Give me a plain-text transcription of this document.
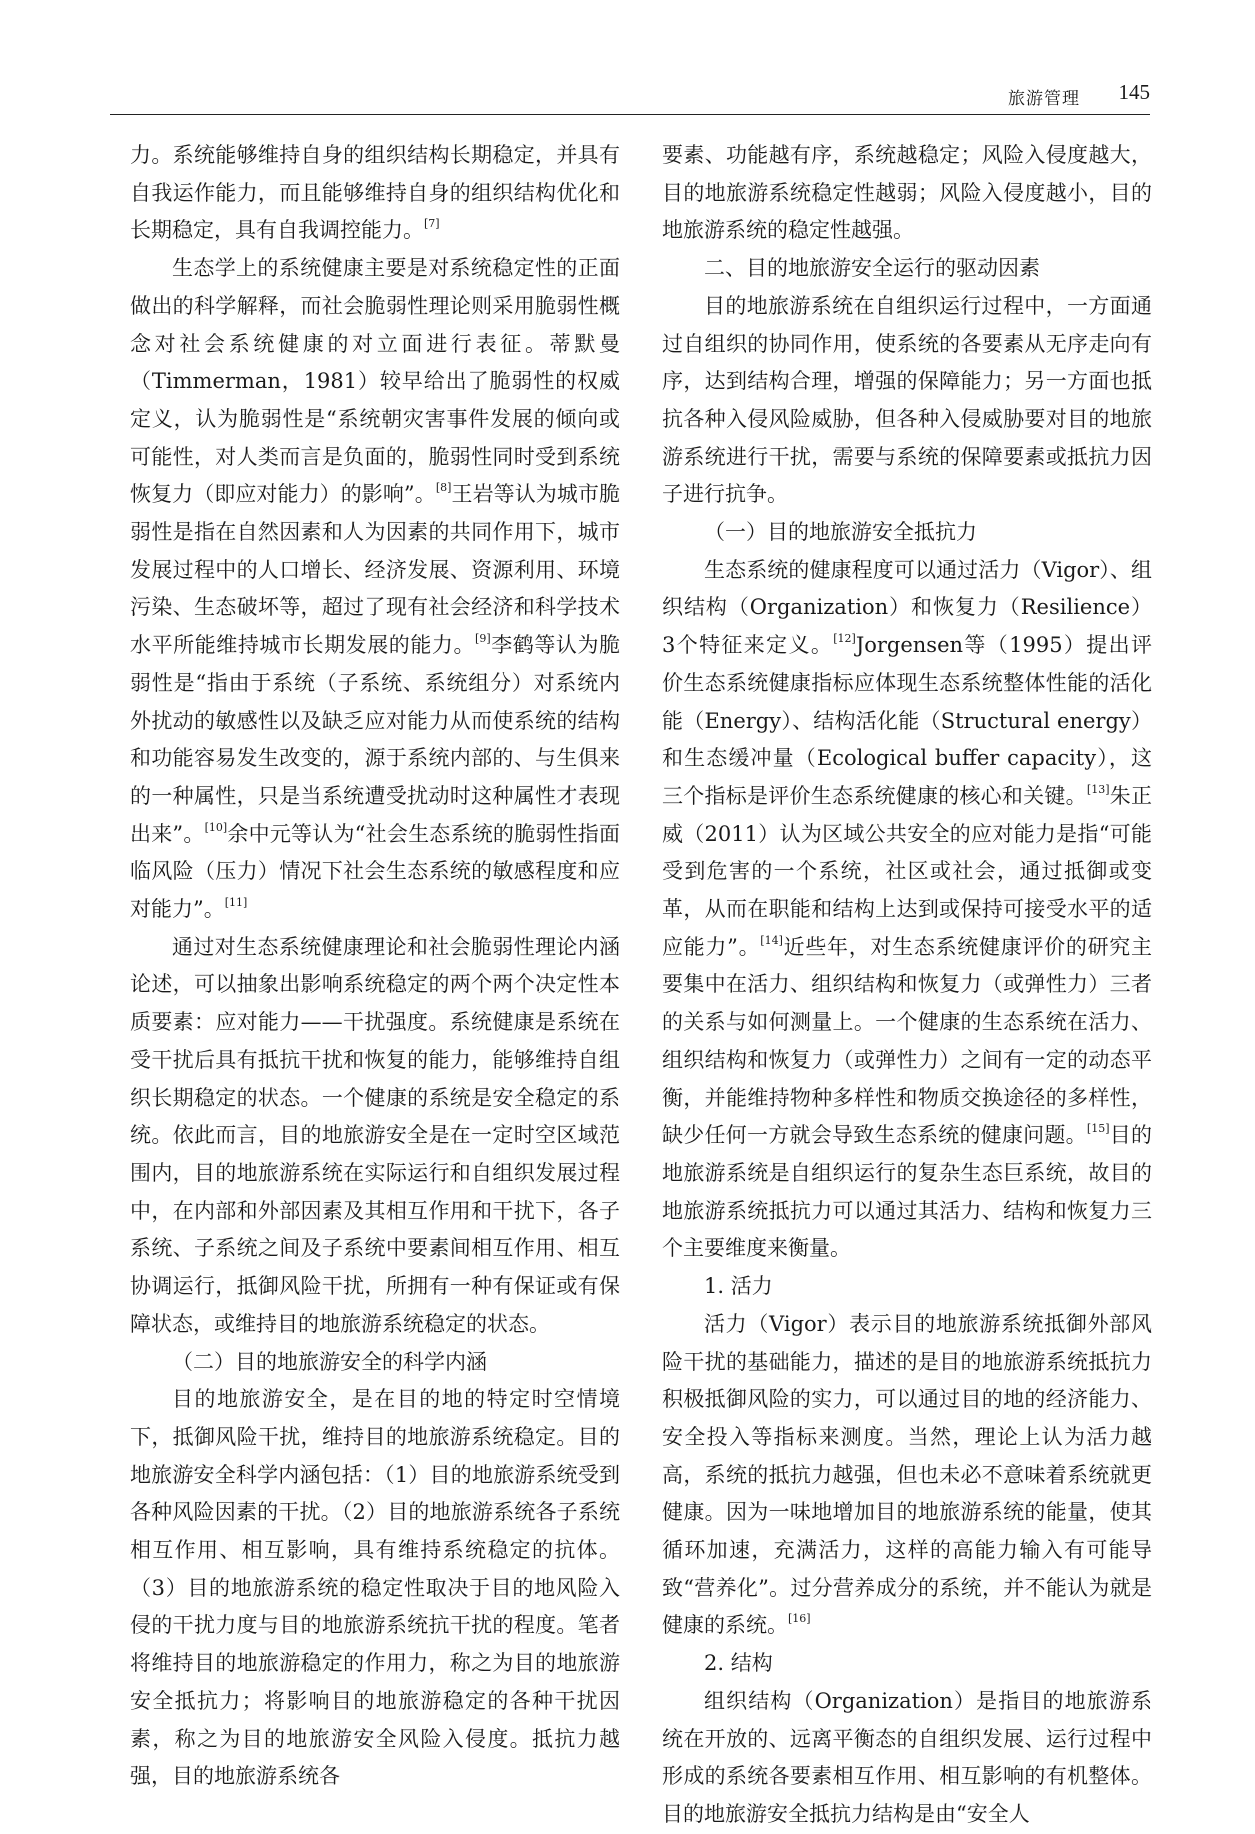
旅游管理 145

力。系统能够维持自身的组织结构长期稳定，并具有自我运作能力，而且能够维持自身的组织结构优化和长期稳定，具有自我调控能力。[7]

生态学上的系统健康主要是对系统稳定性的正面做出的科学解释，而社会脆弱性理论则采用脆弱性概念对社会系统健康的对立面进行表征。蒂默曼（Timmerman，1981）较早给出了脆弱性的权威定义，认为脆弱性是“系统朝灾害事件发展的倾向或可能性，对人类而言是负面的，脆弱性同时受到系统恢复力（即应对能力）的影响”。[8]王岩等认为城市脆弱性是指在自然因素和人为因素的共同作用下，城市发展过程中的人口增长、经济发展、资源利用、环境污染、生态破坏等，超过了现有社会经济和科学技术水平所能维持城市长期发展的能力。[9]李鹤等认为脆弱性是“指由于系统（子系统、系统组分）对系统内外扰动的敏感性以及缺乏应对能力从而使系统的结构和功能容易发生改变的，源于系统内部的、与生俱来的一种属性，只是当系统遭受扰动时这种属性才表现出来”。[10]余中元等认为“社会生态系统的脆弱性指面临风险（压力）情况下社会生态系统的敏感程度和应对能力”。[11]

通过对生态系统健康理论和社会脆弱性理论内涵论述，可以抽象出影响系统稳定的两个两个决定性本质要素：应对能力——干扰强度。系统健康是系统在受干扰后具有抵抗干扰和恢复的能力，能够维持自组织长期稳定的状态。一个健康的系统是安全稳定的系统。依此而言，目的地旅游安全是在一定时空区域范围内，目的地旅游系统在实际运行和自组织发展过程中，在内部和外部因素及其相互作用和干扰下，各子系统、子系统之间及子系统中要素间相互作用、相互协调运行，抵御风险干扰，所拥有一种有保证或有保障状态，或维持目的地旅游系统稳定的状态。

（二）目的地旅游安全的科学内涵

目的地旅游安全，是在目的地的特定时空情境下，抵御风险干扰，维持目的地旅游系统稳定。目的地旅游安全科学内涵包括：（1）目的地旅游系统受到各种风险因素的干扰。（2）目的地旅游系统各子系统相互作用、相互影响，具有维持系统稳定的抗体。（3）目的地旅游系统的稳定性取决于目的地风险入侵的干扰力度与目的地旅游系统抗干扰的程度。笔者将维持目的地旅游稳定的作用力，称之为目的地旅游安全抵抗力；将影响目的地旅游稳定的各种干扰因素，称之为目的地旅游安全风险入侵度。抵抗力越强，目的地旅游系统各

要素、功能越有序，系统越稳定；风险入侵度越大，目的地旅游系统稳定性越弱；风险入侵度越小，目的地旅游系统的稳定性越强。

二、目的地旅游安全运行的驱动因素

目的地旅游系统在自组织运行过程中，一方面通过自组织的协同作用，使系统的各要素从无序走向有序，达到结构合理，增强的保障能力；另一方面也抵抗各种入侵风险威胁，但各种入侵威胁要对目的地旅游系统进行干扰，需要与系统的保障要素或抵抗力因子进行抗争。

（一）目的地旅游安全抵抗力

生态系统的健康程度可以通过活力（Vigor）、组织结构（Organization）和恢复力（Resilience）3个特征来定义。[12]Jorgensen等（1995）提出评价生态系统健康指标应体现生态系统整体性能的活化能（Energy）、结构活化能（Structural energy）和生态缓冲量（Ecological buffer capacity），这三个指标是评价生态系统健康的核心和关键。[13]朱正威（2011）认为区域公共安全的应对能力是指“可能受到危害的一个系统，社区或社会，通过抵御或变革，从而在职能和结构上达到或保持可接受水平的适应能力”。[14]近些年，对生态系统健康评价的研究主要集中在活力、组织结构和恢复力（或弹性力）三者的关系与如何测量上。一个健康的生态系统在活力、组织结构和恢复力（或弹性力）之间有一定的动态平衡，并能维持物种多样性和物质交换途径的多样性，缺少任何一方就会导致生态系统的健康问题。[15]目的地旅游系统是自组织运行的复杂生态巨系统，故目的地旅游系统抵抗力可以通过其活力、结构和恢复力三个主要维度来衡量。

1. 活力

活力（Vigor）表示目的地旅游系统抵御外部风险干扰的基础能力，描述的是目的地旅游系统抵抗力积极抵御风险的实力，可以通过目的地的经济能力、安全投入等指标来测度。当然，理论上认为活力越高，系统的抵抗力越强，但也未必不意味着系统就更健康。因为一味地增加目的地旅游系统的能量，使其循环加速，充满活力，这样的高能力输入有可能导致“营养化”。过分营养成分的系统，并不能认为就是健康的系统。[16]

2. 结构

组织结构（Organization）是指目的地旅游系统在开放的、远离平衡态的自组织发展、运行过程中形成的系统各要素相互作用、相互影响的有机整体。目的地旅游安全抵抗力结构是由“安全人
